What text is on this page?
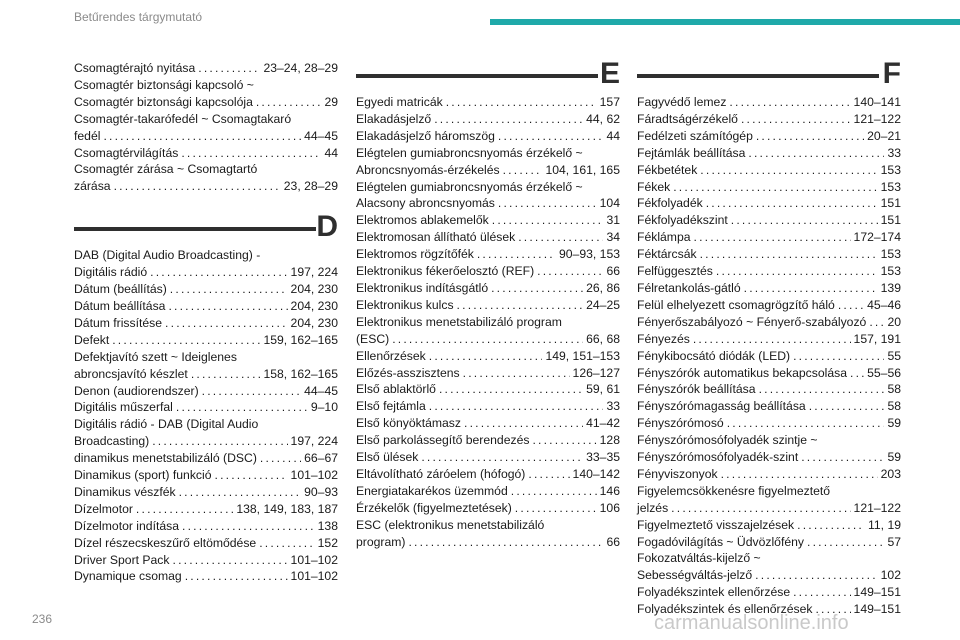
Betűrendes tárgymutató
Csomagtérajtó nyitása . . .	23–24, 28–29
Csomagtér biztonsági kapcsoló ~
Csomagtér biztonsági kapcsolója . . .	29
Csomagtér-takarófedél ~ Csomagtakaró
fedél . . .	44–45
Csomagtérvilágítás . . .	44
Csomagtér zárása ~ Csomagtartó
zárása . . .	23, 28–29
D
DAB (Digital Audio Broadcasting) -
Digitális rádió . . .	197, 224
Dátum (beállítás) . . .	204, 230
Dátum beállítása . . .	204, 230
Dátum frissítése . . .	204, 230
Defekt . . .	159, 162–165
Defektjavító szett ~ Ideiglenes
abroncsjavító készlet . . .	158, 162–165
Denon (audiorendszer) . . .	44–45
Digitális műszerfal . . .	9–10
Digitális rádió - DAB (Digital Audio
Broadcasting) . . .	197, 224
dinamikus menetstabilizáló (DSC) . . .	66–67
Dinamikus (sport) funkció . . .	101–102
Dinamikus vészfék . . .	90–93
Dízelmotor . . .	138, 149, 183, 187
Dízelmotor indítása . . .	138
Dízel részecskeszűrő eltömődése . . .	152
Driver Sport Pack . . .	101–102
Dynamique csomag . . .	101–102
E
Egyedi matricák . . .	157
Elakadásjelző . . .	44, 62
Elakadásjelző háromszög . . .	44
Elégtelen gumiabroncsnyomás érzékelő ~
Abroncsnyomás-érzékelés . . .	104, 161, 165
Elégtelen gumiabroncsnyomás érzékelő ~
Alacsony abroncsnyomás . . .	104
Elektromos ablakemelők . . .	31
Elektromosan állítható ülések . . .	34
Elektromos rögzítőfék . . .	90–93, 153
Elektronikus fékerőelosztó (REF) . . .	66
Elektronikus indításgátló . . .	26, 86
Elektronikus kulcs . . .	24–25
Elektronikus menetstabilizáló program
(ESC) . . .	66, 68
Ellenőrzések . . .	149, 151–153
Előzés-asszisztens . . .	126–127
Első ablaktörlő . . .	59, 61
Első fejtámla . . .	33
Első könyöktámasz . . .	41–42
Első parkolássegítő berendezés . . .	128
Első ülések . . .	33–35
Eltávolítható záróelem (hófogó) . . .	140–142
Energiatakarékos üzemmód . . .	146
Érzékelők (figyelmeztetések) . . .	106
ESC (elektronikus menetstabilizáló
program) . . .	66
F
Fagyvédő lemez . . .	140–141
Fáradtságérzékelő . . .	121–122
Fedélzeti számítógép . . .	20–21
Fejtámlák beállítása . . .	33
Fékbetétek . . .	153
Fékek . . .	153
Fékfolyadék . . .	151
Fékfolyadékszint . . .	151
Féklámpa . . .	172–174
Féktárcsák . . .	153
Felfüggesztés . . .	153
Félretankolás-gátló . . .	139
Felül elhelyezett csomagrögzítő háló . . .	45–46
Fényerőszabályozó ~ Fényerő-szabályozó . . . 20
Fényezés . . .	157, 191
Fénykibocsátó diódák (LED) . . .	55
Fényszórók automatikus bekapcsolása . . . 55–56
Fényszórók beállítása . . .	58
Fényszórómagasság beállítása . . .	58
Fényszórómosó . . .	59
Fényszórómosófolyadék szintje ~
Fényszórómosófolyadék-szint . . .	59
Fényviszonyok . . .	203
Figyelemcsökkenésre figyelmeztető
jelzés . . .	121–122
Figyelmeztető visszajelzések . . .	11, 19
Fogadóvilágítás ~ Üdvözlőfény . . .	57
Fokozatváltás-kijelző ~
Sebességváltás-jelző . . .	102
Folyadékszintek ellenőrzése . . .	149–151
Folyadékszintek és ellenőrzések . . .	149–151
236	carmanualsonline.info
